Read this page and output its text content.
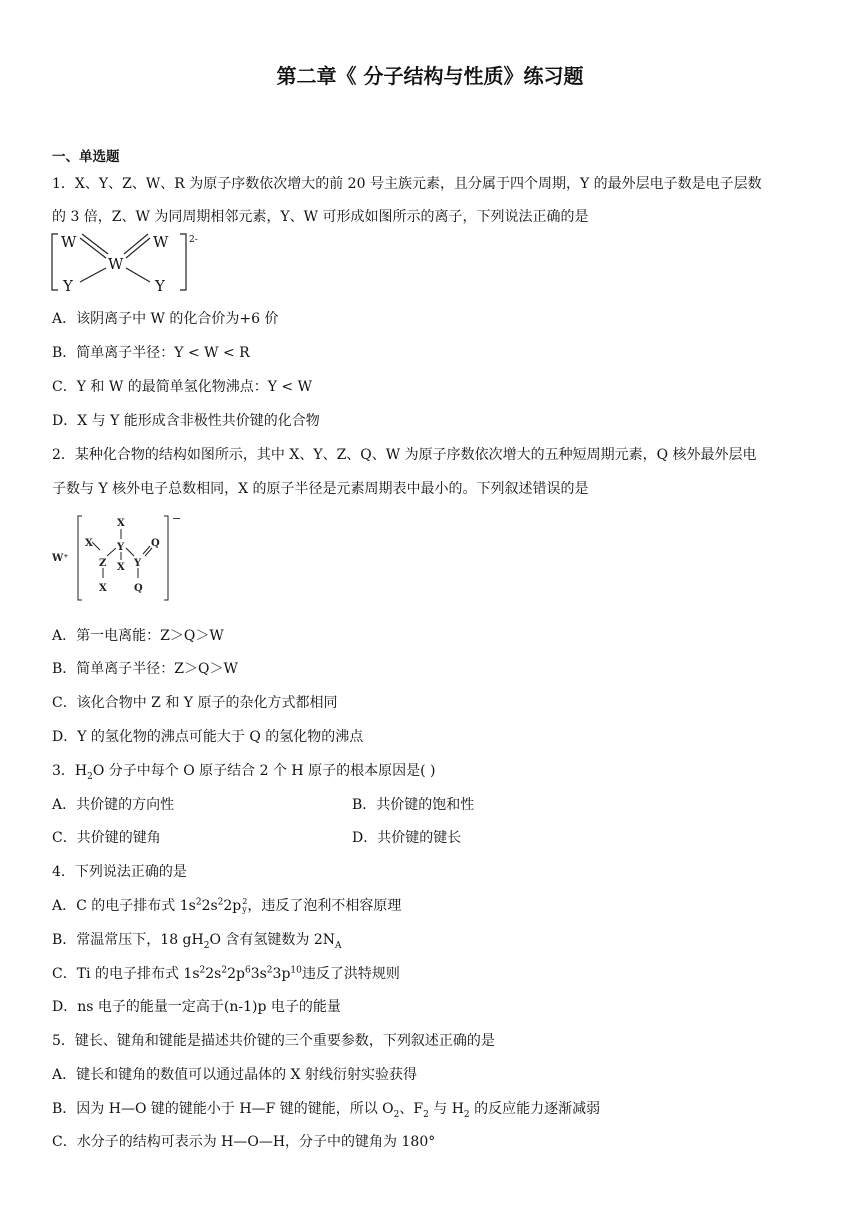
第二章《 分子结构与性质》练习题
一、单选题
1．X、Y、Z、W、R 为原子序数依次增大的前 20 号主族元素，且分属于四个周期，Y 的最外层电子数是电子层数
的 3 倍，Z、W 为同周期相邻元素，Y、W 可形成如图所示的离子，下列说法正确的是
W
W
W
Y	Y
2-
A．该阴离子中 W 的化合价为+6 价
B．简单离子半径：Y < W < R
C．Y 和 W 的最简单氢化物沸点：Y < W
D．X 与 Y 能形成含非极性共价键的化合物
2．某种化合物的结构如图所示，其中 X、Y、Z、Q、W 为原子序数依次增大的五种短周期元素，Q 核外最外层电
子数与 Y 核外电子总数相同，X 的原子半径是元素周期表中最小的。下列叙述错误的是
W⁺
X
X Y	Q
Z X Y
X	Q
−
A．第一电离能：Z＞Q＞W
B．简单离子半径：Z＞Q＞W
C．该化合物中 Z 和 Y 原子的杂化方式都相同
D．Y 的氢化物的沸点可能大于 Q 的氢化物的沸点
3．$H_2O$ 分子中每个 O 原子结合 2 个 H 原子的根本原因是( )
A．共价键的方向性	B．共价键的饱和性
C．共价键的键角	D．共价键的键长
4．下列说法正确的是
A．C 的电子排布式 $1s^22s^22p$ 2
y ，违反了泡利不相容原理
B．常温常压下，18 $gH_2O$ 含有氢键数为 $2N_A$
C．Ti 的电子排布式 $1s^22s^22p^63s^23p^{10}$违反了洪特规则
D．ns 电子的能量一定高于(n-1)p 电子的能量
5．键长、键角和键能是描述共价键的三个重要参数，下列叙述正确的是
A．键长和键角的数值可以通过晶体的 X 射线衍射实验获得
B．因为 H—O 键的键能小于 H—F 键的键能，所以 $O_2$、$F_2$ 与 $H_2$ 的反应能力逐渐减弱
C．水分子的结构可表示为 H—O—H，分子中的键角为 180°
